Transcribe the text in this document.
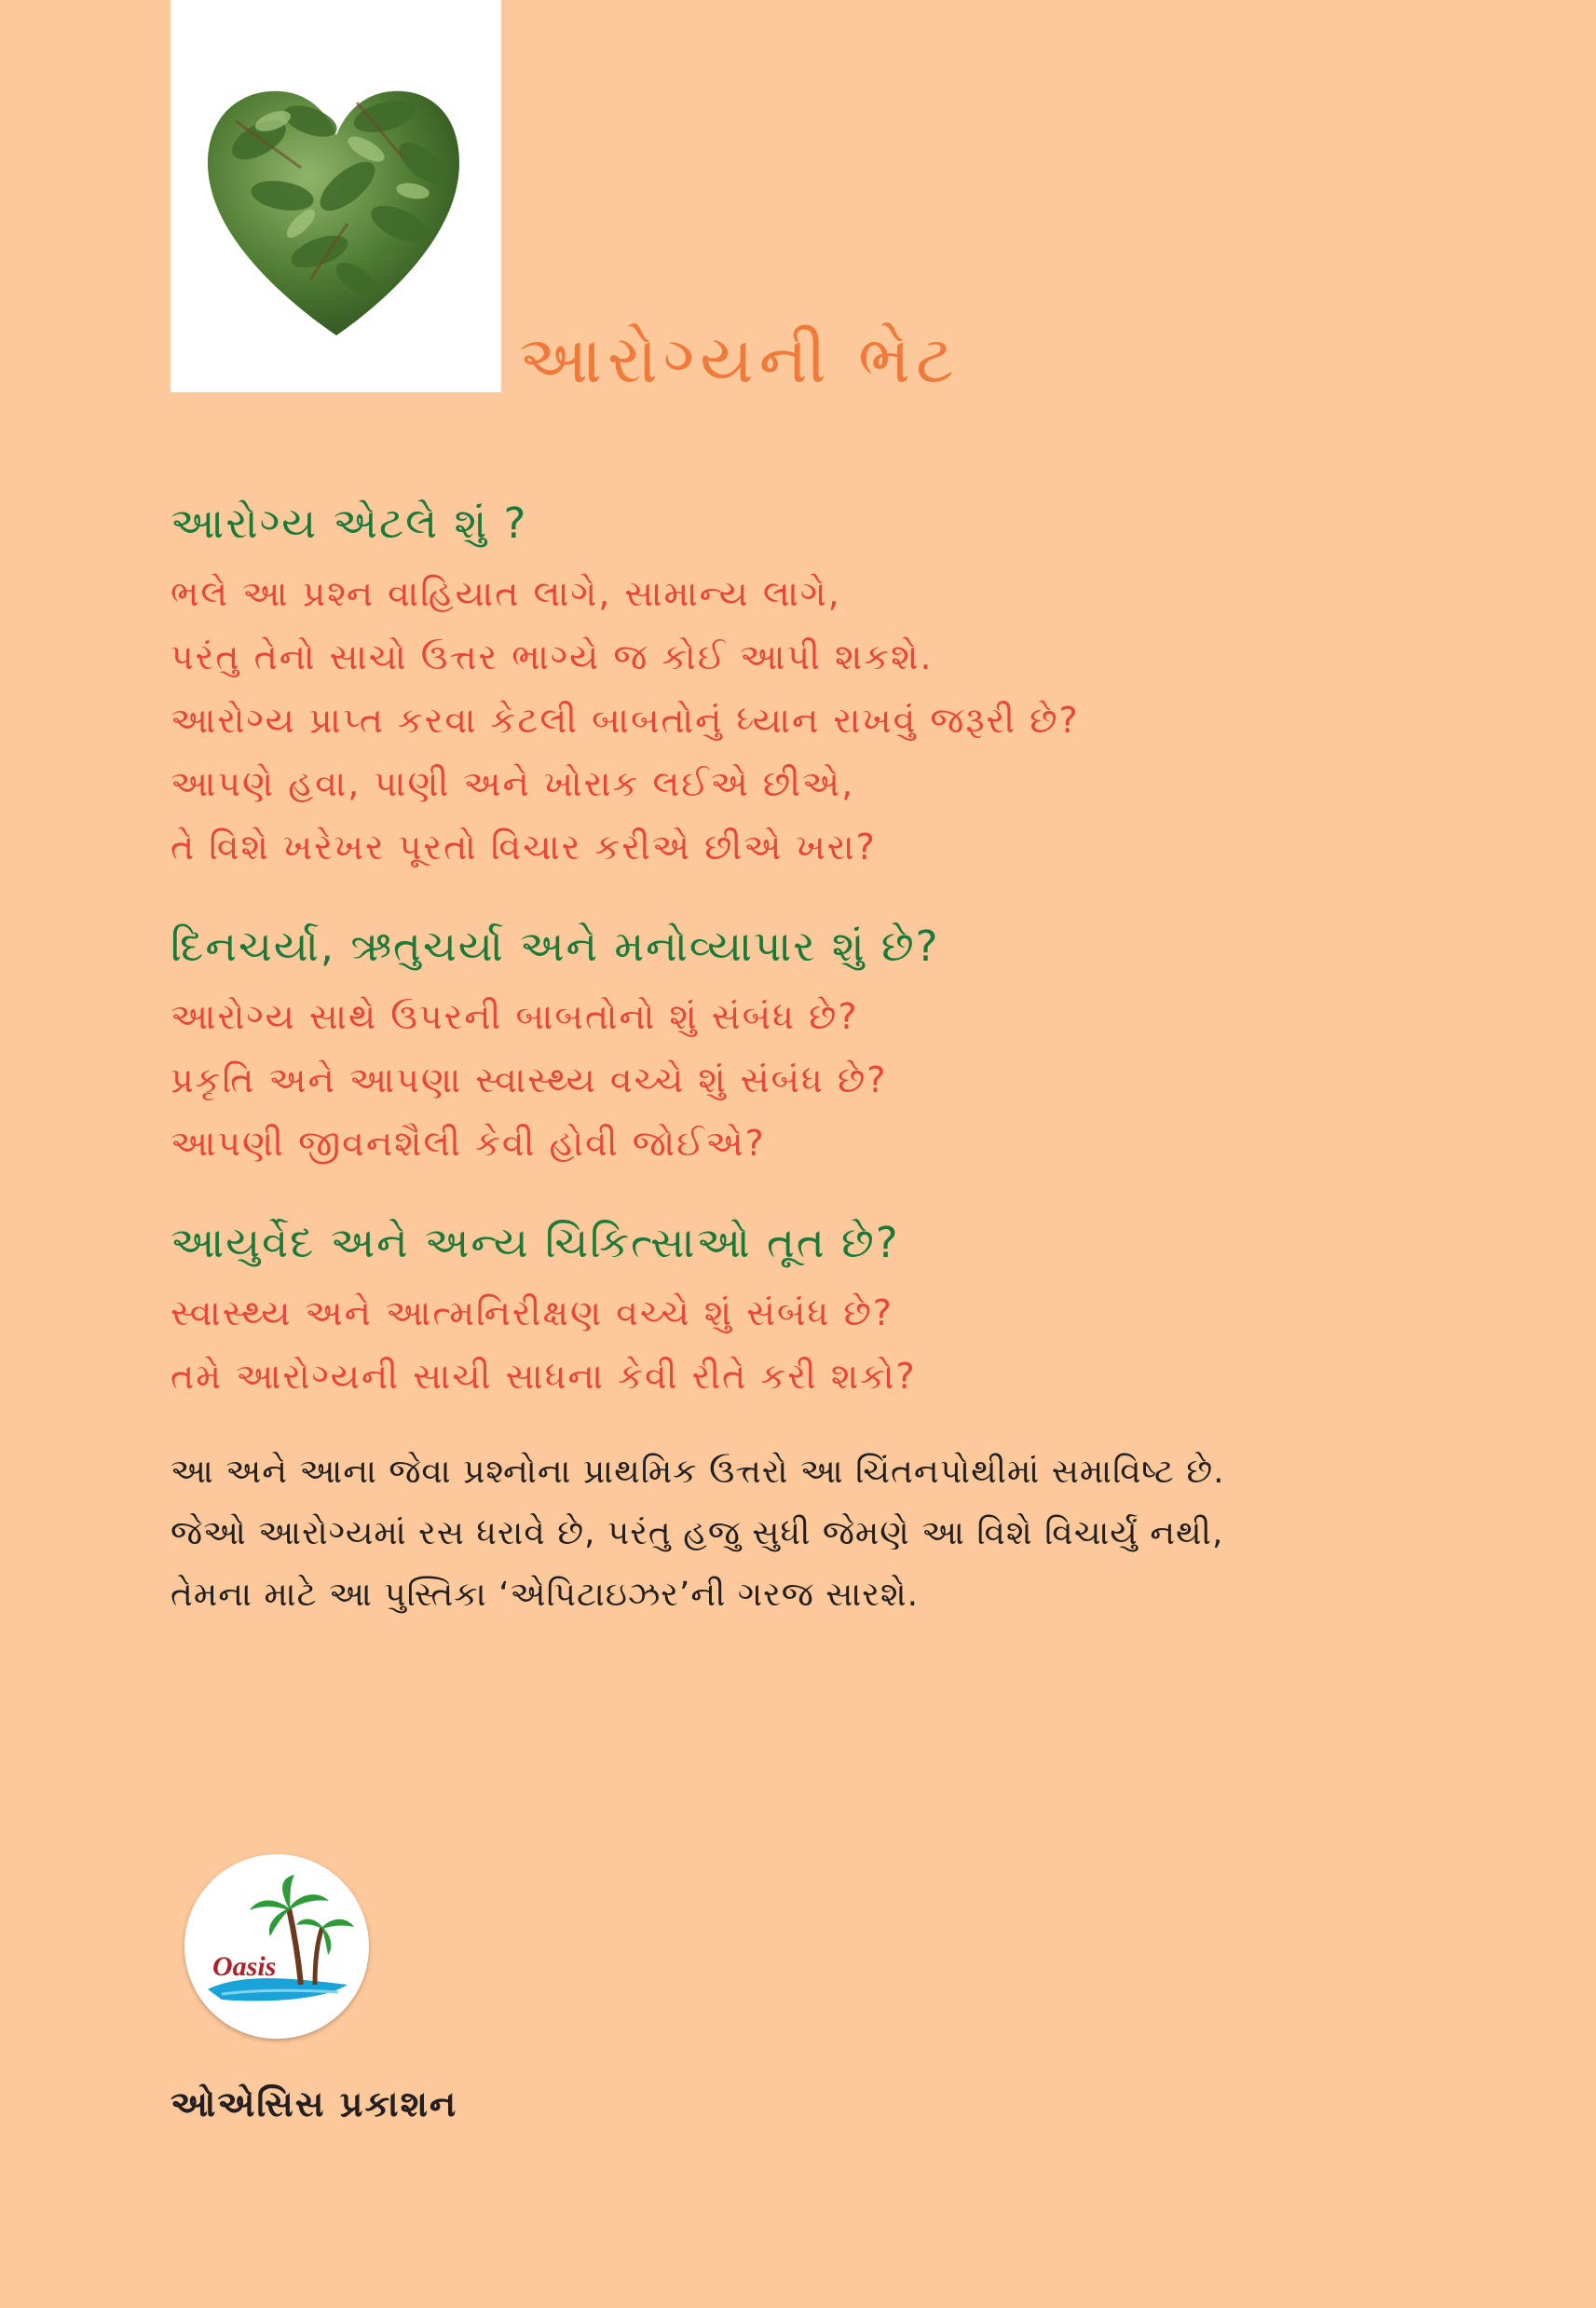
આરોગ્યની ભેટ
આરોગ્ય એટલે શું ?
ભલે આ પ્રશ્ન વાહિયાત લાગે, સામાન્ય લાગે,
પરંતુ તેનો સાચો ઉત્તર ભાગ્યે જ કોઈ આપી શકશે.
આરોગ્ય પ્રાપ્ત કરવા કેટલી બાબતોનું ધ્યાન રાખવું જરૂરી છે?
આપણે હવા, પાણી અને ખોરાક લઈએ છીએ,
તે વિશે ખરેખર પૂરતો વિચાર કરીએ છીએ ખરા?
દિનચર્યા, ઋતુચર્યા અને મનોવ્યાપાર શું છે?
આરોગ્ય સાથે ઉપરની બાબતોનો શું સંબંધ છે?
પ્રકૃતિ અને આપણા સ્વાસ્થ્ય વચ્ચે શું સંબંધ છે?
આપણી જીવનશૈલી કેવી હોવી જોઈએ?
આયુર્વેદ અને અન્ય ચિકિત્સાઓ તૂત છે?
સ્વાસ્થ્ય અને આત્મનિરીક્ષણ વચ્ચે શું સંબંધ છે?
તમે આરોગ્યની સાચી સાધના કેવી રીતે કરી શકો?
આ અને આના જેવા પ્રશ્નોના પ્રાથમિક ઉત્તરો આ ચિંતનપોથીમાં સમાવિષ્ટ છે.
જેઓ આરોગ્યમાં રસ ધરાવે છે, પરંતુ હજુ સુધી જેમણે આ વિશે વિચાર્યું નથી,
તેમના માટે આ પુસ્તિકા ‘એપિટાઇઝર’ની ગરજ સારશે.
Oasis
ઓએસિસ પ્રકાશન
